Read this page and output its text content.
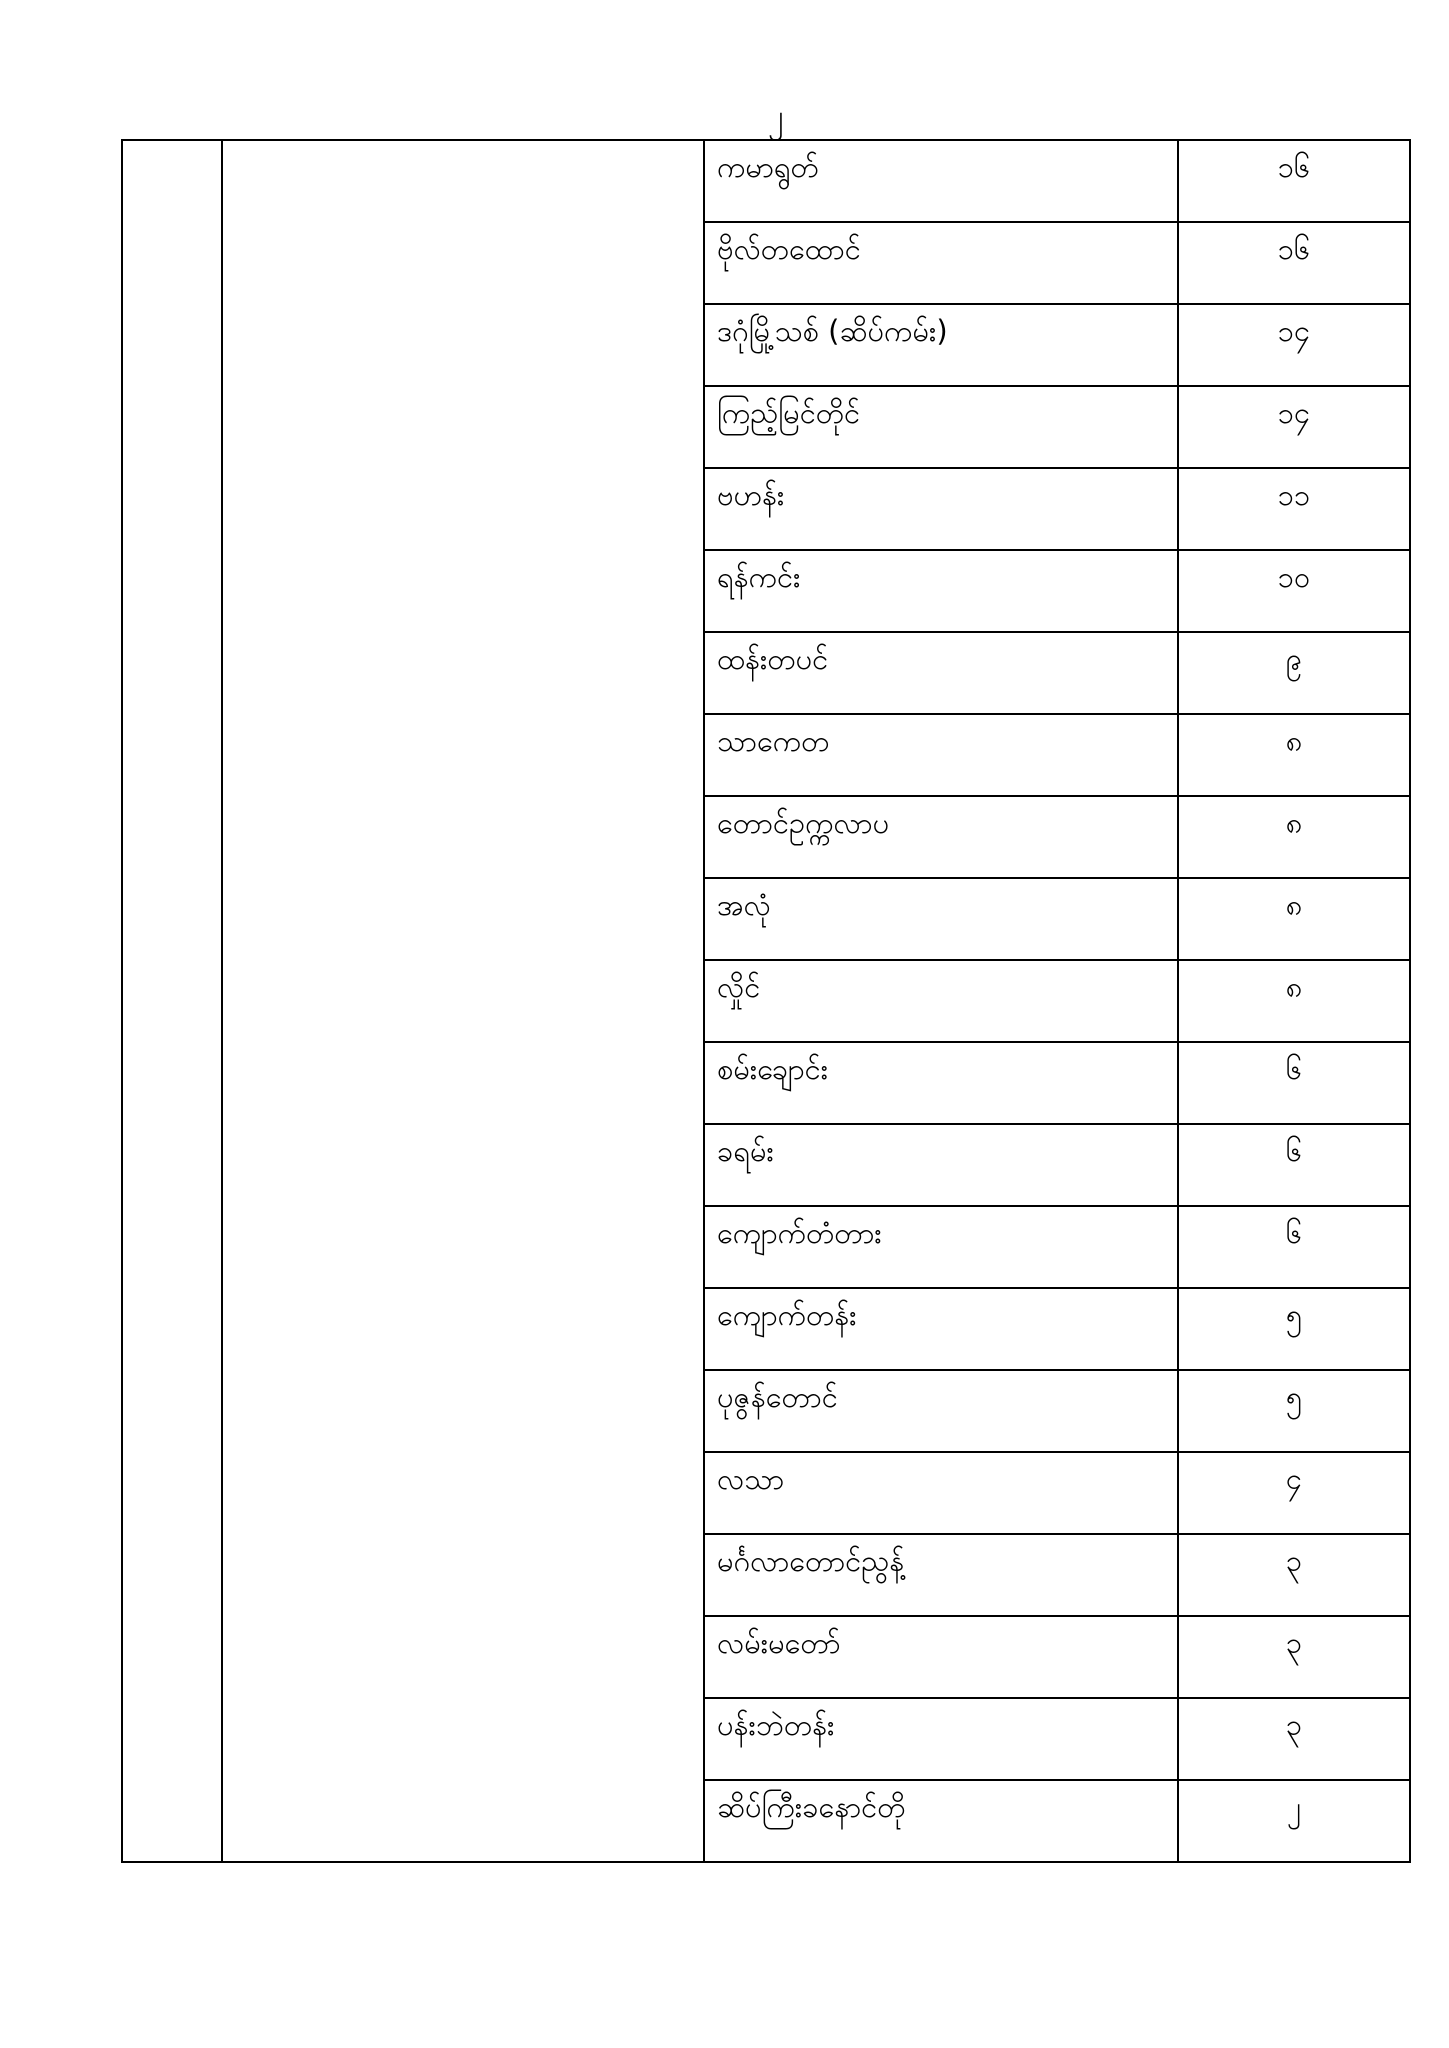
၂
		ကမာရွတ်	၁၆
		ဗိုလ်တထောင်	၁၆
		ဒဂုံမြို့သစ် (ဆိပ်ကမ်း)	၁၄
		ကြည့်မြင်တိုင်	၁၄
		ဗဟန်း	၁၁
		ရန်ကင်း	၁၀
		ထန်းတပင်	၉
		သာကေတ	၈
		တောင်ဥက္ကလာပ	၈
		အလုံ	၈
		လှိုင်	၈
		စမ်းချောင်း	၆
		ခရမ်း	၆
		ကျောက်တံတား	၆
		ကျောက်တန်း	၅
		ပုဇွန်တောင်	၅
		လသာ	၄
		မင်္ဂလာတောင်ညွန့်	၃
		လမ်းမတော်	၃
		ပန်းဘဲတန်း	၃
		ဆိပ်ကြီးခနောင်တို	၂
